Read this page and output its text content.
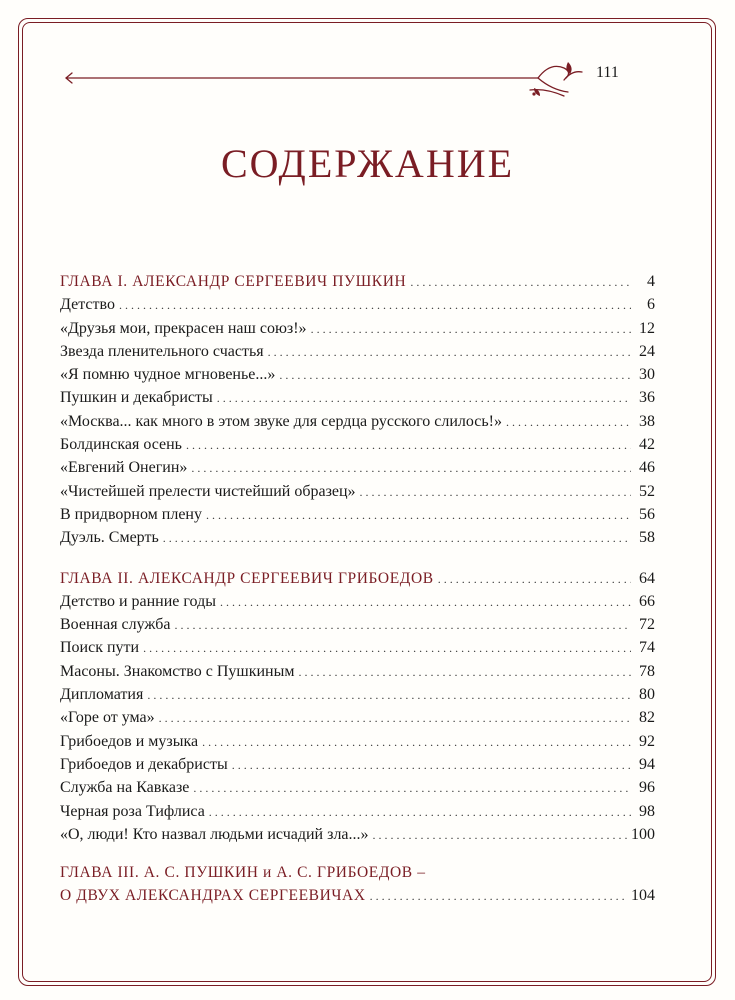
111
СОДЕРЖАНИЕ
ГЛАВА I. АЛЕКСАНДР СЕРГЕЕВИЧ ПУШКИН . . .	4
Детство . . .	6
«Друзья мои, прекрасен наш союз!» . . .	12
Звезда пленительного счастья . . .	24
«Я помню чудное мгновенье...» . . .	30
Пушкин и декабристы . . .	36
«Москва... как много в этом звуке для сердца русского слилось!» . . .	38
Болдинская осень . . .	42
«Евгений Онегин» . . .	46
«Чистейшей прелести чистейший образец» . . .	52
В придворном плену . . .	56
Дуэль. Смерть . . .	58
ГЛАВА II. АЛЕКСАНДР СЕРГЕЕВИЧ ГРИБОЕДОВ . . .	64
Детство и ранние годы . . .	66
Военная служба . . .	72
Поиск пути . . .	74
Масоны. Знакомство с Пушкиным . . .	78
Дипломатия . . .	80
«Горе от ума» . . .	82
Грибоедов и музыка . . .	92
Грибоедов и декабристы . . .	94
Служба на Кавказе . . .	96
Черная роза Тифлиса . . .	98
«О, люди! Кто назвал людьми исчадий зла...» . . .	100
ГЛАВА III. А. С. ПУШКИН и А. С. ГРИБОЕДОВ –
О ДВУХ АЛЕКСАНДРАХ СЕРГЕЕВИЧАХ . . .	104
